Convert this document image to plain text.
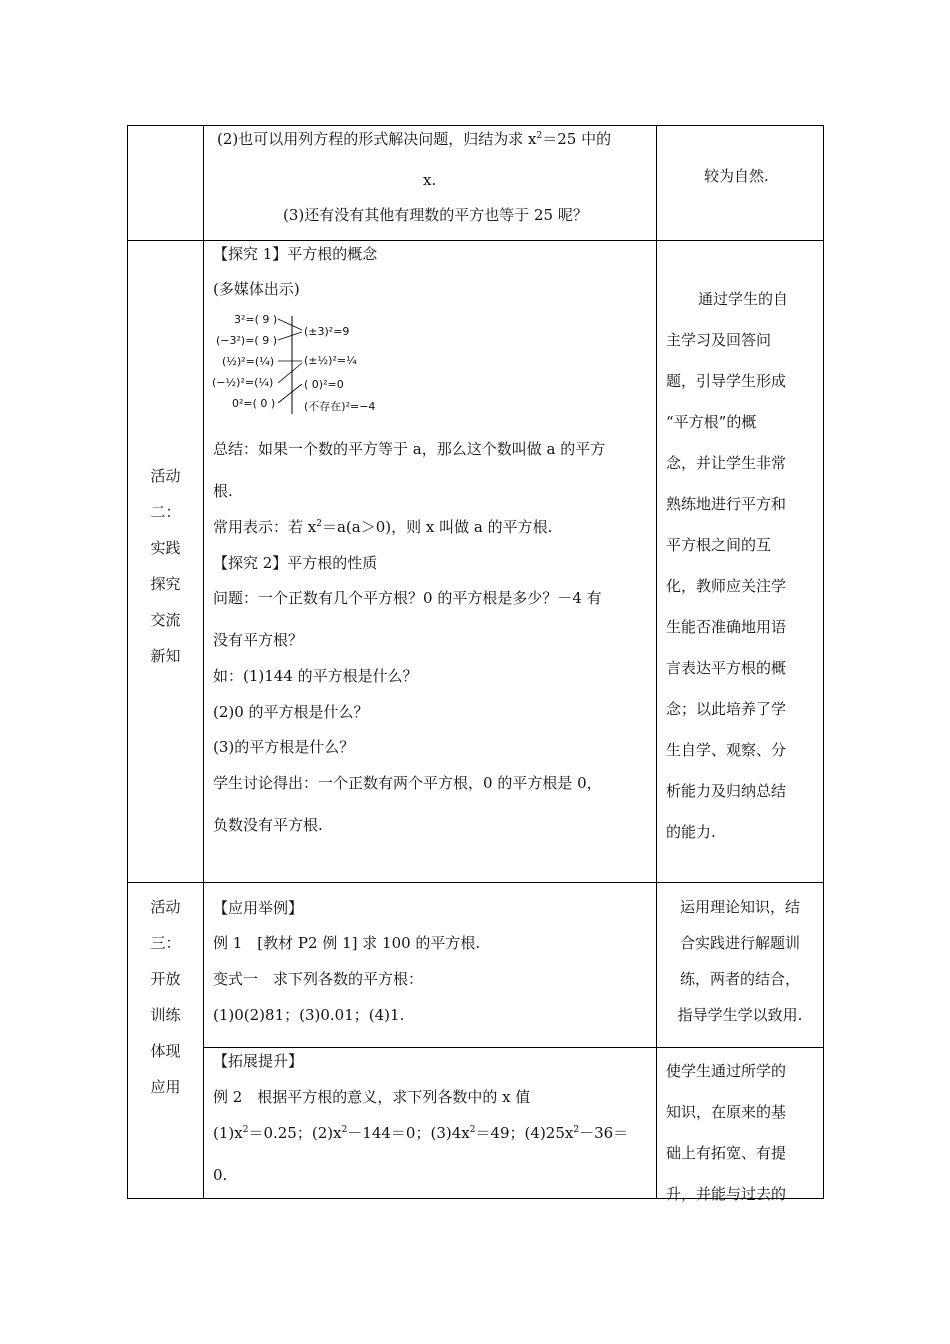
(2)也可以用列方程的形式解决问题，归结为求 $x^2=25$ 中的
x.
(3)还有没有其他有理数的平方也等于 25 呢？
较为自然.
活动
二：
实践
探究
交流
新知
【探究 1】平方根的概念
(多媒体出示)
3²=( 9 )
(−3²)=( 9 )
(½)²=(¼)
(−½)²=(¼)
0²=( 0 )
(±3)²=9
(±½)²=¼
( 0)²=0
(不存在)²=−4
总结：如果一个数的平方等于 a，那么这个数叫做 a 的平方
根.
常用表示：若 $x^2=a(a>0)$，则 x 叫做 a 的平方根.
【探究 2】平方根的性质
问题：一个正数有几个平方根？0 的平方根是多少？－4 有
没有平方根？
如：(1)144 的平方根是什么？
(2)0 的平方根是什么？
(3)的平方根是什么？
学生讨论得出：一个正数有两个平方根，0 的平方根是 0，
负数没有平方根.
通过学生的自
主学习及回答问
题，引导学生形成
“平方根”的概
念，并让学生非常
熟练地进行平方和
平方根之间的互
化，教师应关注学
生能否准确地用语
言表达平方根的概
念；以此培养了学
生自学、观察、分
析能力及归纳总结
的能力.
活动
三：
开放
训练
体现
应用
【应用举例】
例 1　[教材 P2 例 1] 求 100 的平方根.
变式一　求下列各数的平方根：
(1)0(2)81；(3)0.01；(4)1.
运用理论知识，结
合实践进行解题训
练，两者的结合，
指导学生学以致用.
【拓展提升】
例 2　根据平方根的意义，求下列各数中的 x 值
$(1)x^2=0.25$；$(2)x^2-144=0$；$(3)4x^2=49$；$(4)25x^2-36=$
0.
使学生通过所学的
知识，在原来的基
础上有拓宽、有提
升，并能与过去的
